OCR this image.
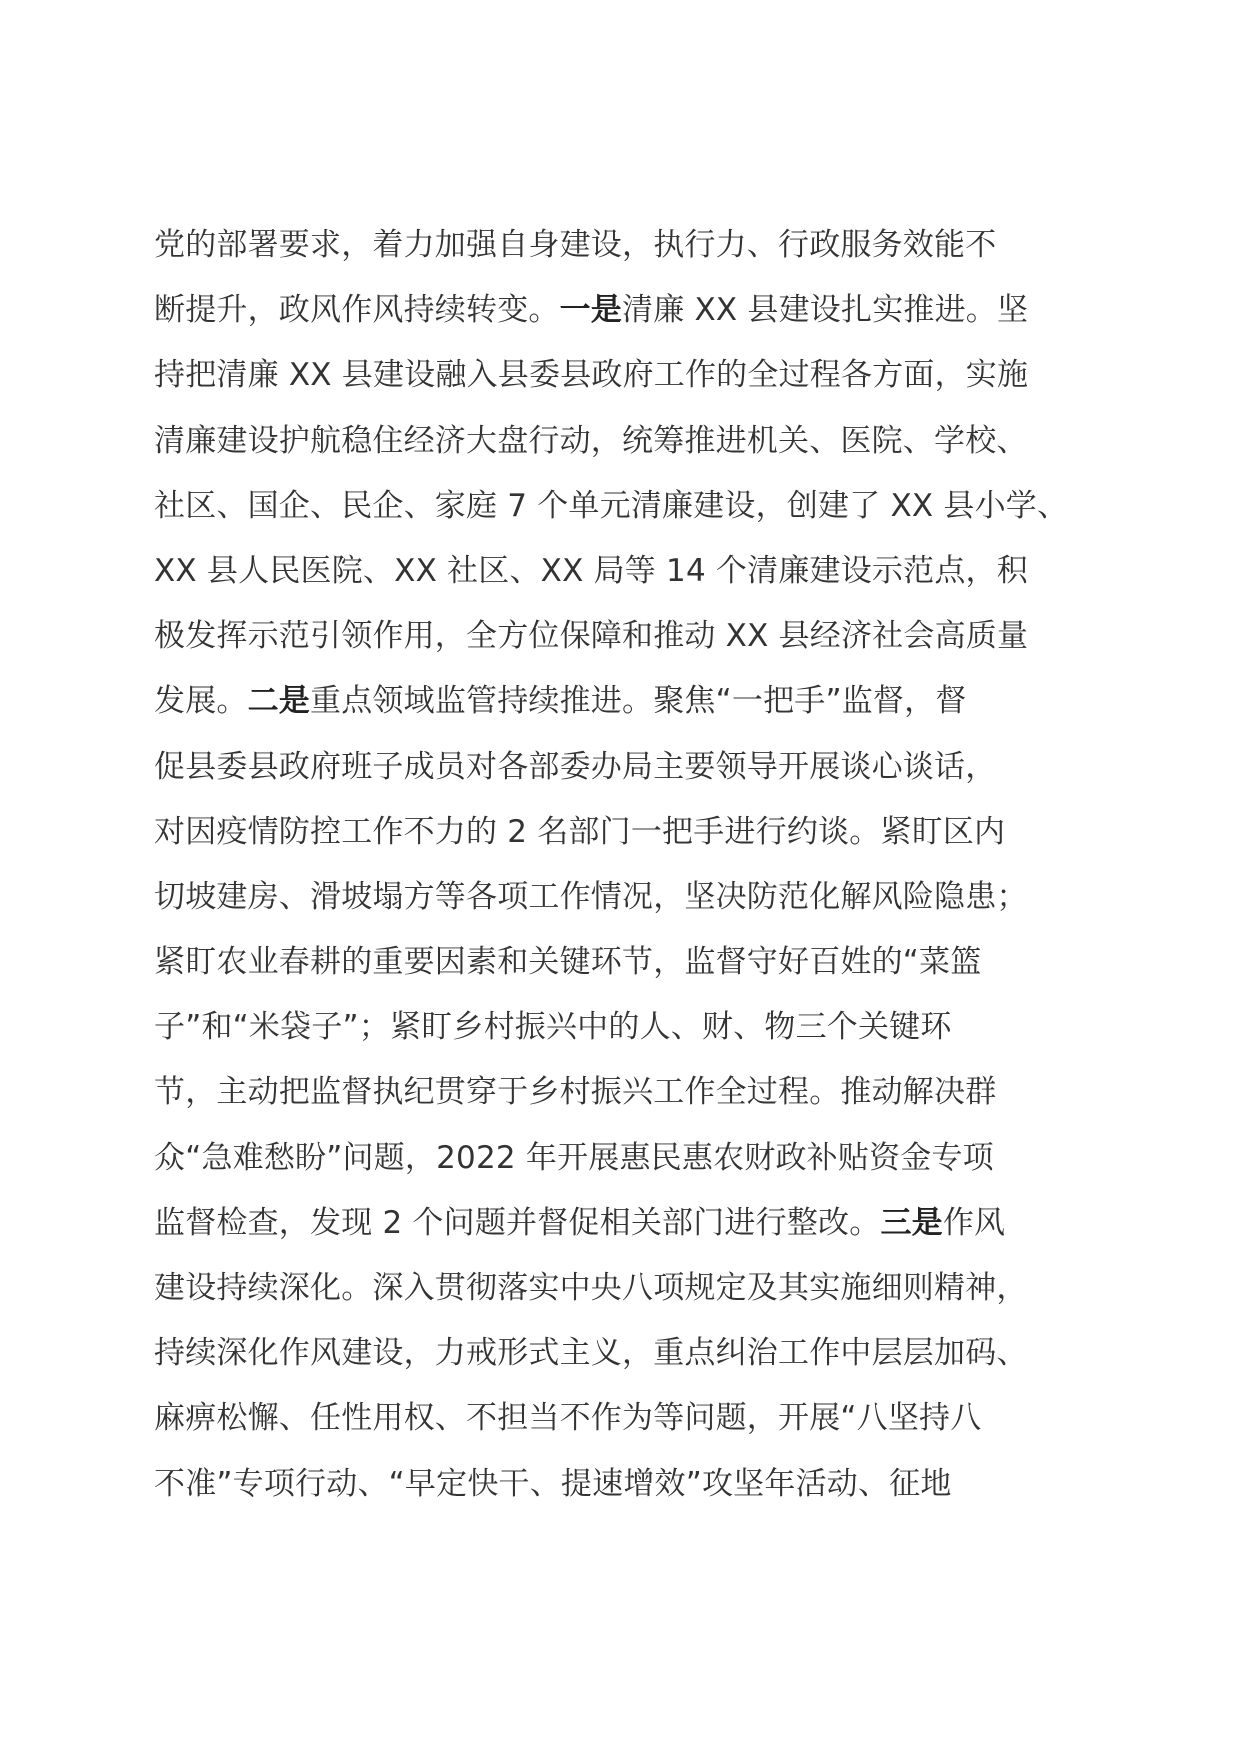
党的部署要求，着力加强自身建设，执行力、行政服务效能不
断提升，政风作风持续转变。一是清廉 XX 县建设扎实推进。坚
持把清廉 XX 县建设融入县委县政府工作的全过程各方面，实施
清廉建设护航稳住经济大盘行动，统筹推进机关、医院、学校、
社区、国企、民企、家庭 7 个单元清廉建设，创建了 XX 县小学、
XX 县人民医院、XX 社区、XX 局等 14 个清廉建设示范点，积
极发挥示范引领作用，全方位保障和推动 XX 县经济社会高质量
发展。二是重点领域监管持续推进。聚焦“一把手”监督，督
促县委县政府班子成员对各部委办局主要领导开展谈心谈话，
对因疫情防控工作不力的 2 名部门一把手进行约谈。紧盯区内
切坡建房、滑坡塌方等各项工作情况，坚决防范化解风险隐患；
紧盯农业春耕的重要因素和关键环节，监督守好百姓的“菜篮
子”和“米袋子”；紧盯乡村振兴中的人、财、物三个关键环
节，主动把监督执纪贯穿于乡村振兴工作全过程。推动解决群
众“急难愁盼”问题，2022 年开展惠民惠农财政补贴资金专项
监督检查，发现 2 个问题并督促相关部门进行整改。三是作风
建设持续深化。深入贯彻落实中央八项规定及其实施细则精神，
持续深化作风建设，力戒形式主义，重点纠治工作中层层加码、
麻痹松懈、任性用权、不担当不作为等问题，开展“八坚持八
不准”专项行动、“早定快干、提速增效”攻坚年活动、征地
